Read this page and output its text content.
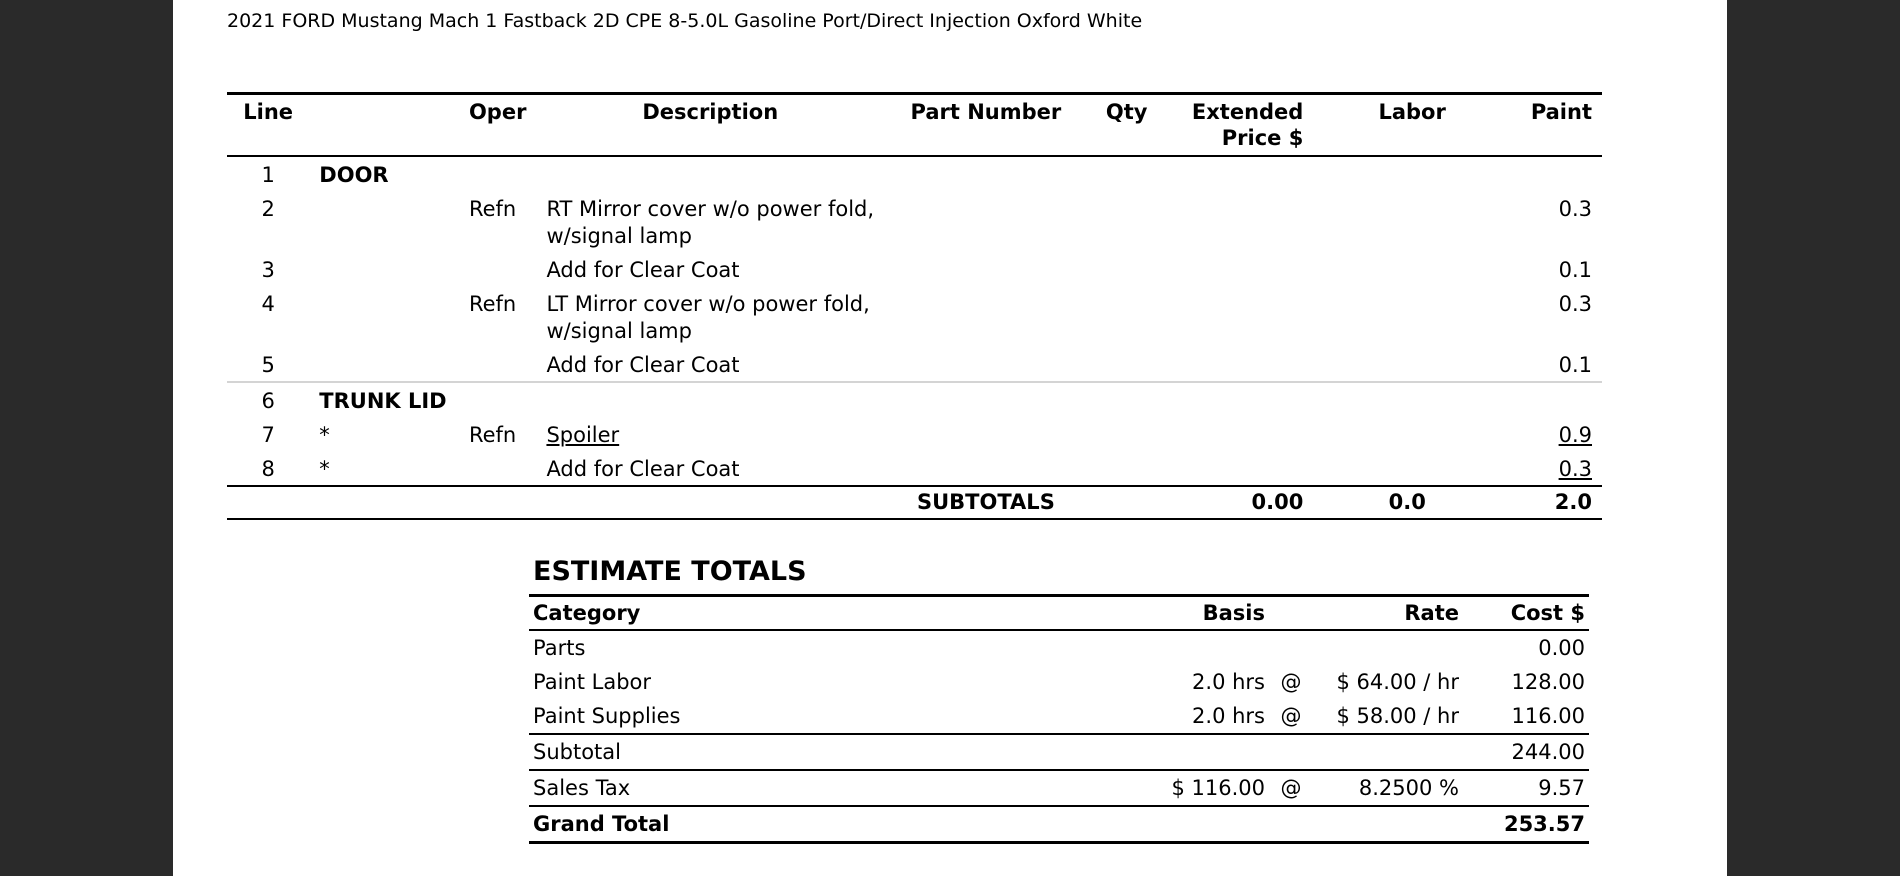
2021 FORD Mustang Mach 1 Fastback 2D CPE 8-5.0L Gasoline Port/Direct Injection Oxford White
Line		Oper	Description	Part Number	Qty	Extended
Price $	Labor	Paint
1	DOOR							
2		Refn	RT Mirror cover w/o power fold,
w/signal lamp					0.3
3			Add for Clear Coat					0.1
4		Refn	LT Mirror cover w/o power fold,
w/signal lamp					0.3
5			Add for Clear Coat					0.1
6	TRUNK LID							
7	*	Refn	Spoiler					0.9
8	*		Add for Clear Coat					0.3
				SUBTOTALS		0.00	0.0	2.0
ESTIMATE TOTALS
Category	Basis		Rate	Cost $
Parts				0.00
Paint Labor	2.0 hrs	@	$ 64.00 / hr	128.00
Paint Supplies	2.0 hrs	@	$ 58.00 / hr	116.00
Subtotal				244.00
Sales Tax	$ 116.00	@	8.2500 %	9.57
Grand Total				253.57
